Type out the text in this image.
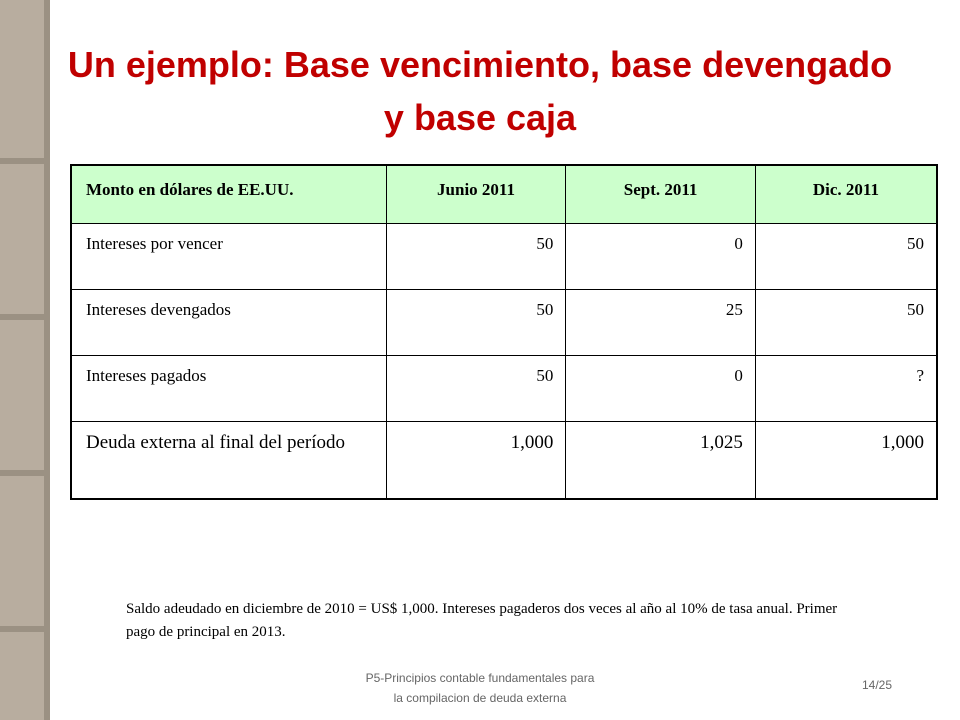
Un ejemplo: Base vencimiento, base devengado y base caja
Monto en dólares de EE.UU.	Junio 2011	Sept. 2011	Dic. 2011
Intereses por vencer	50	0	50
Intereses devengados	50	25	50
Intereses pagados	50	0	?
Deuda externa al final del período	1,000	1,025	1,000
Saldo adeudado en diciembre de 2010 = US$ 1,000. Intereses pagaderos dos veces al año al 10% de tasa anual. Primer pago de principal en 2013.
P5-Principios contable fundamentales para
la compilacion de deuda externa
14/25
